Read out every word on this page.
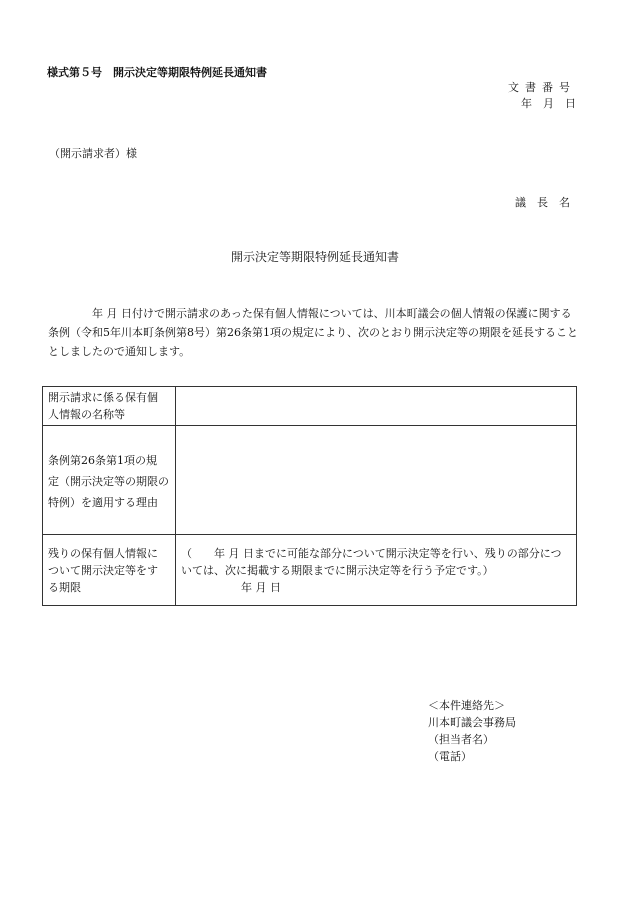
様式第５号　開示決定等期限特例延長通知書
文書番号
年　月　日
（開示請求者）様
議　長　名
開示決定等期限特例延長通知書
年 月 日付けで開示請求のあった保有個人情報については、川本町議会の個人情報の保護に関する条例（令和5年川本町条例第8号）第26条第1項の規定により、次のとおり開示決定等の期限を延長することとしましたので通知します。
開示請求に係る保有個
人情報の名称等	

条例第26条第1項の規
定（開示決定等の期限の
特例）を適用する理由	

残りの保有個人情報に
ついて開示決定等をす
る期限	（　　年 月 日までに可能な部分について開示決定等を行い、残りの部分につ
いては、次に掲載する期限までに開示決定等を行う予定です。）
年 月 日
＜本件連絡先＞
川本町議会事務局
（担当者名）
（電話）
